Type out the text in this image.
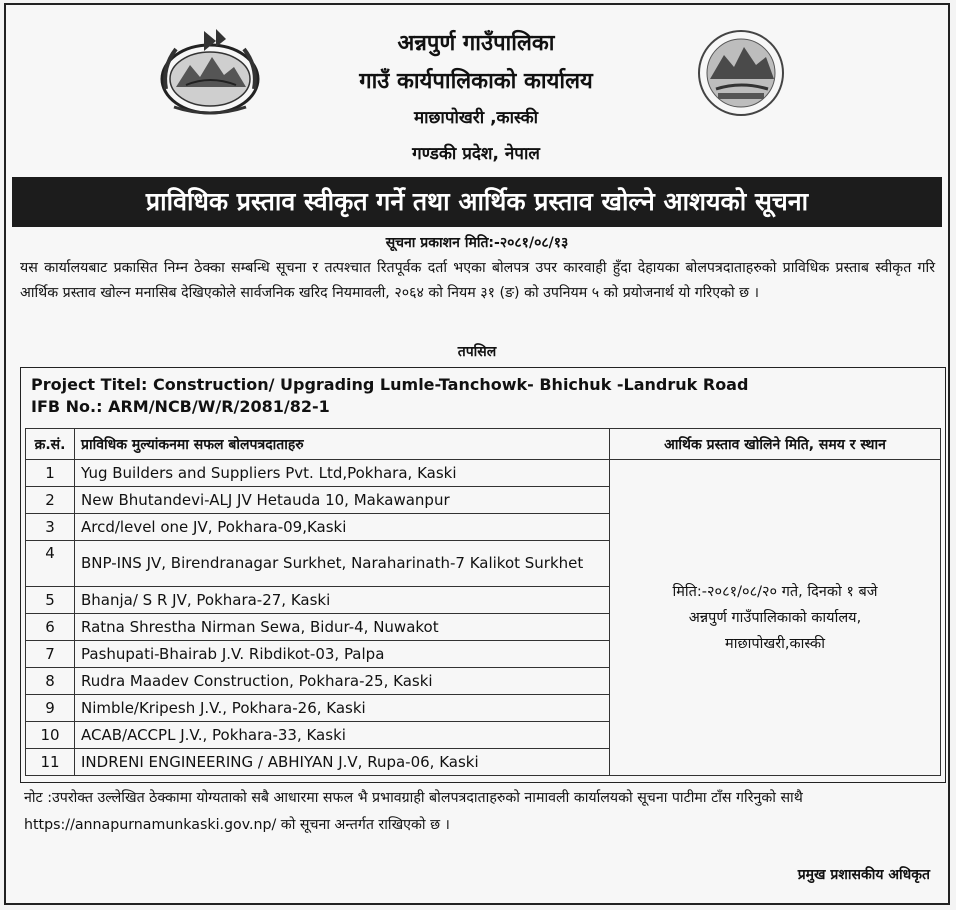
अन्नपुर्ण गाउँपालिका
गाउँ कार्यपालिकाको कार्यालय
माछापोखरी ,कास्की
गण्डकी प्रदेश, नेपाल
प्राविधिक प्रस्ताव स्वीकृत गर्ने तथा आर्थिक प्रस्ताव खोल्ने आशयको सूचना
सूचना प्रकाशन मिति:-२०८१/०८/१३
यस कार्यालयबाट प्रकासित निम्न ठेक्का सम्बन्धि सूचना र तत्पश्चात रितपूर्वक दर्ता भएका बोलपत्र उपर कारवाही हुँदा देहायका बोलपत्रदाताहरुको प्राविधिक प्रस्ताब स्वीकृत गरि आर्थिक प्रस्ताव खोल्न मनासिब देखिएकोले सार्वजनिक खरिद नियमावली, २०६४ को नियम ३१ (ङ) को उपनियम ५ को प्रयोजनार्थ यो गरिएको छ ।
तपसिल
Project Titel: Construction/ Upgrading Lumle-Tanchowk- Bhichuk -Landruk Road
IFB No.: ARM/NCB/W/R/2081/82-1
क्र.सं.	प्राविधिक मुल्यांकनमा सफल बोलपत्रदाताहरु	आर्थिक प्रस्ताव खोलिने मिति, समय र स्थान
1	Yug Builders and Suppliers Pvt. Ltd,Pokhara, Kaski	मिति:-२०८१/०८/२० गते, दिनको १ बजे
अन्नपुर्ण गाउँपालिकाको कार्यालय,
माछापोखरी,कास्की

2	New Bhutandevi-ALJ JV Hetauda 10, Makawanpur	
3	Arcd/level one JV, Pokhara-09,Kaski	
4	BNP-INS JV, Birendranagar Surkhet, Naraharinath-7 Kalikot Surkhet	
5	Bhanja/ S R JV, Pokhara-27, Kaski	
6	Ratna Shrestha Nirman Sewa, Bidur-4, Nuwakot	
7	Pashupati-Bhairab J.V. Ribdikot-03, Palpa	
8	Rudra Maadev Construction, Pokhara-25, Kaski	
9	Nimble/Kripesh J.V., Pokhara-26, Kaski	
10	ACAB/ACCPL J.V., Pokhara-33, Kaski	
11	INDRENI ENGINEERING / ABHIYAN J.V, Rupa-06, Kaski	
नोट :उपरोक्त उल्लेखित ठेक्कामा योग्यताको सबै आधारमा सफल भै प्रभावग्राही बोलपत्रदाताहरुको नामावली कार्यालयको सूचना पाटीमा टाँस गरिनुको साथै https://annapurnamunkaski.gov.np/ को सूचना अन्तर्गत राखिएको छ ।
प्रमुख प्रशासकीय अधिकृत
